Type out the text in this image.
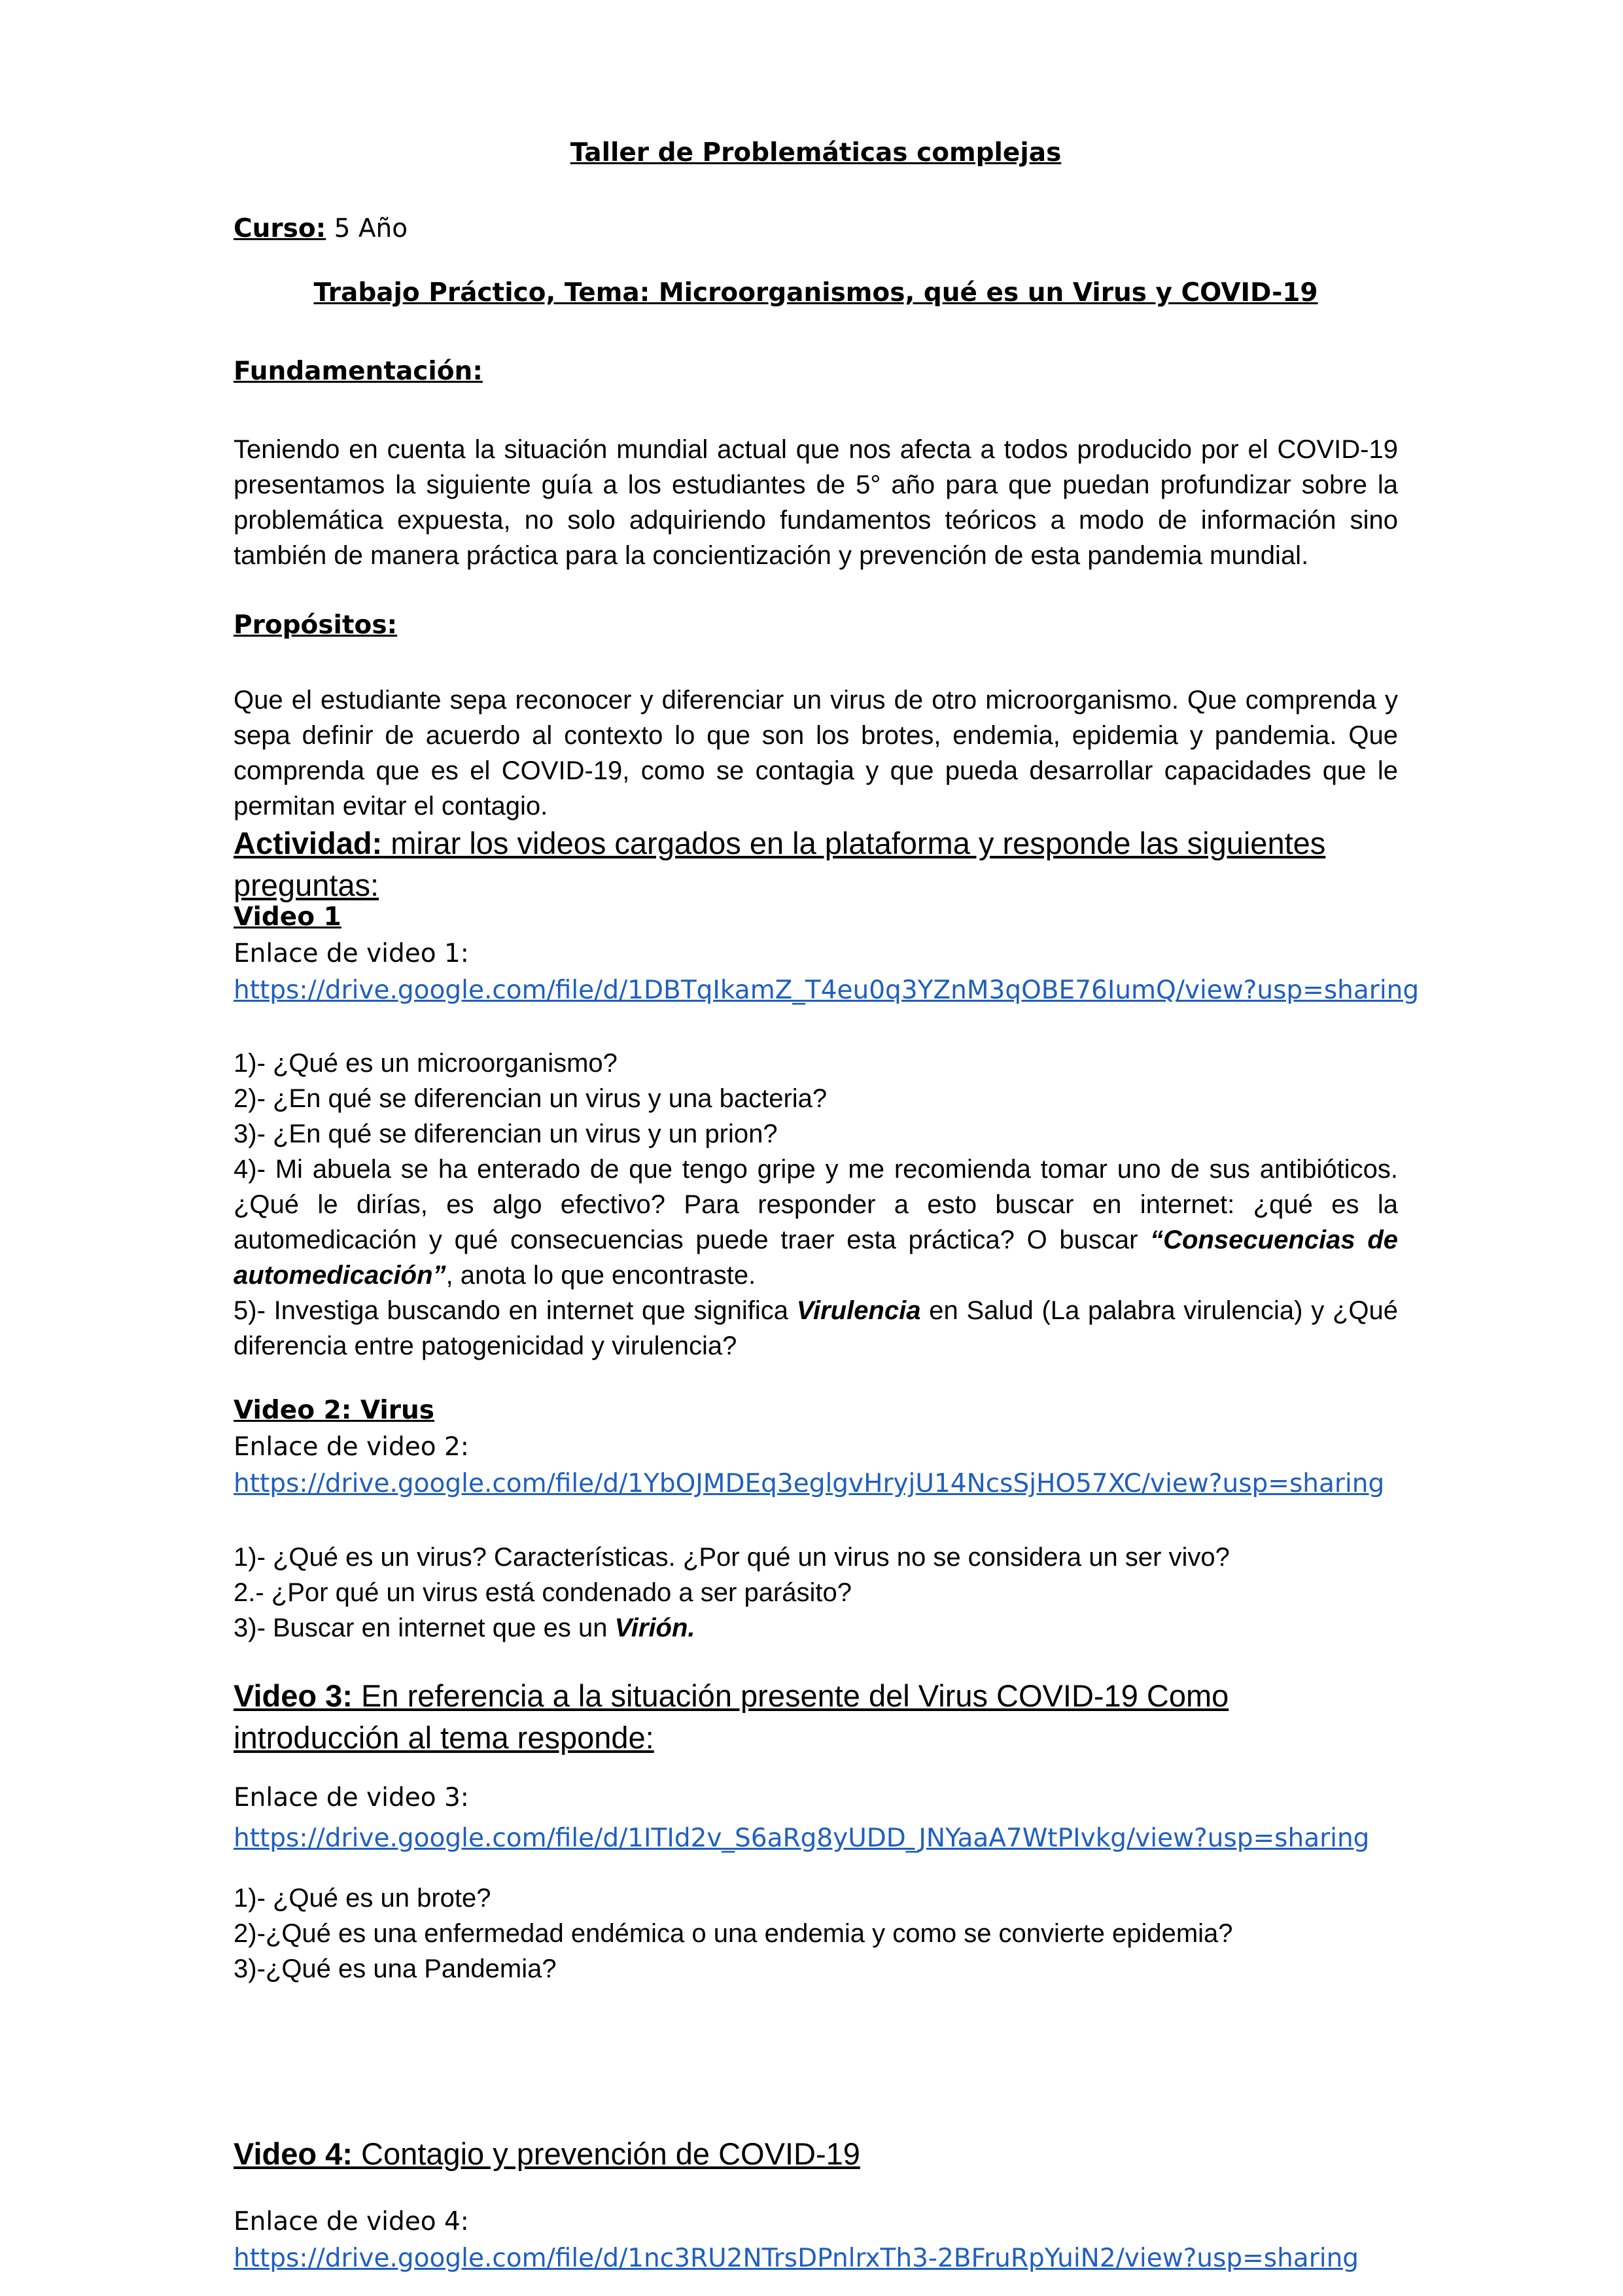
Taller de Problemáticas complejas

Curso: 5 Año

Trabajo Práctico, Tema: Microorganismos, qué es un Virus y COVID-19

Fundamentación:

Teniendo en cuenta la situación mundial actual que nos afecta a todos producido por el COVID-19 presentamos la siguiente guía a los estudiantes de 5° año para que puedan profundizar sobre la problemática expuesta, no solo adquiriendo fundamentos teóricos a modo de información sino también de manera práctica para la concientización y prevención de esta pandemia mundial.

Propósitos:

Que el estudiante sepa reconocer y diferenciar un virus de otro microorganismo. Que comprenda y sepa definir de acuerdo al contexto lo que son los brotes, endemia, epidemia y pandemia. Que comprenda que es el COVID-19, como se contagia y que pueda desarrollar capacidades que le permitan evitar el contagio.

Actividad: mirar los videos cargados en la plataforma y responde las siguientes preguntas:

Video 1
Enlace de video 1:
https://drive.google.com/file/d/1DBTqIkamZ_T4eu0q3YZnM3qOBE76IumQ/view?usp=sharing
1)- ¿Qué es un microorganismo?
2)- ¿En qué se diferencian un virus y una bacteria?
3)- ¿En qué se diferencian un virus y un prion?
4)- Mi abuela se ha enterado de que tengo gripe y me recomienda tomar uno de sus antibióticos. ¿Qué le dirías, es algo efectivo? Para responder a esto buscar en internet: ¿qué es la automedicación y qué consecuencias puede traer esta práctica? O buscar “Consecuencias de automedicación”, anota lo que encontraste.
5)- Investiga buscando en internet que significa Virulencia en Salud (La palabra virulencia) y ¿Qué diferencia entre patogenicidad y virulencia?
Video 2: Virus
Enlace de video 2:
https://drive.google.com/file/d/1YbOJMDEq3eglgvHryjU14NcsSjHO57XC/view?usp=sharing
1)- ¿Qué es un virus? Características. ¿Por qué un virus no se considera un ser vivo?
2.- ¿Por qué un virus está condenado a ser parásito?
3)- Buscar en internet que es un Virión.

Video 3: En referencia a la situación presente del Virus COVID-19 Como introducción al tema responde:

Enlace de video 3:
https://drive.google.com/file/d/1ITId2v_S6aRg8yUDD_JNYaaA7WtPIvkg/view?usp=sharing
1)- ¿Qué es un brote?
2)-¿Qué es una enfermedad endémica o una endemia y como se convierte epidemia?
3)-¿Qué es una Pandemia?

Video 4: Contagio y prevención de COVID-19

Enlace de video 4:
https://drive.google.com/file/d/1nc3RU2NTrsDPnlrxTh3-2BFruRpYuiN2/view?usp=sharing
